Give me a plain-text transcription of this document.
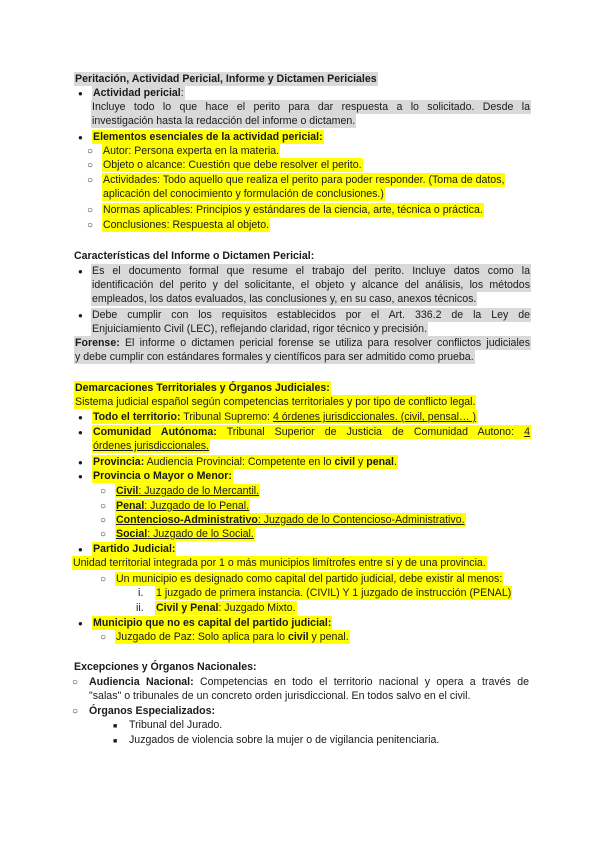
Peritación, Actividad Pericial, Informe y Dictamen Periciales
●
Actividad pericial:
Incluye todo lo que hace el perito para dar respuesta a lo solicitado. Desde la
investigación hasta la redacción del informe o dictamen.
●
Elementos esenciales de la actividad pericial:
○
Autor: Persona experta en la materia.
○
Objeto o alcance: Cuestión que debe resolver el perito.
○
Actividades: Todo aquello que realiza el perito para poder responder. (Toma de datos,
aplicación del conocimiento y formulación de conclusiones.)
○
Normas aplicables: Principios y estándares de la ciencia, arte, técnica o práctica.
○
Conclusiones: Respuesta al objeto.
Características del Informe o Dictamen Pericial:
●
Es el documento formal que resume el trabajo del perito. Incluye datos como la
identificación del perito y del solicitante, el objeto y alcance del análisis, los métodos
empleados, los datos evaluados, las conclusiones y, en su caso, anexos técnicos.
●
Debe cumplir con los requisitos establecidos por el Art. 336.2 de la Ley de
Enjuiciamiento Civil (LEC), reflejando claridad, rigor técnico y precisión.
Forense: El informe o dictamen pericial forense se utiliza para resolver conflictos judiciales
y debe cumplir con estándares formales y científicos para ser admitido como prueba.
Demarcaciones Territoriales y Órganos Judiciales:
Sistema judicial español según competencias territoriales y por tipo de conflicto legal.
●
Todo el territorio: Tribunal Supremo: 4 órdenes jurisdiccionales. (civil, pensal… )
●
Comunidad Autónoma: Tribunal Superior de Justicia de Comunidad Autono: 4
órdenes jurisdiccionales.
●
Provincia: Audiencia Provincial: Competente en lo civil y penal.
●
Provincia o Mayor o Menor:
○
Civil: Juzgado de lo Mercantil.
○
Penal: Juzgado de lo Penal.
○
Contencioso-Administrativo: Juzgado de lo Contencioso-Administrativo.
○
Social: Juzgado de lo Social.
●
Partido Judicial:
Unidad territorial integrada por 1 o más municipios limítrofes entre sí y de una provincia.
○
Un municipio es designado como capital del partido judicial, debe existir al menos:
i. 1 juzgado de primera instancia. (CIVIL) Y 1 juzgado de instrucción (PENAL)
ii. Civil y Penal: Juzgado Mixto.
●
Municipio que no es capital del partido judicial:
○
Juzgado de Paz: Solo aplica para lo civil y penal.
Excepciones y Órganos Nacionales:
○
Audiencia Nacional: Competencias en todo el territorio nacional y opera a través de
"salas" o tribunales de un concreto orden jurisdiccional. En todos salvo en el civil.
○
Órganos Especializados:
■
Tribunal del Jurado.
■
Juzgados de violencia sobre la mujer o de vigilancia penitenciaria.
